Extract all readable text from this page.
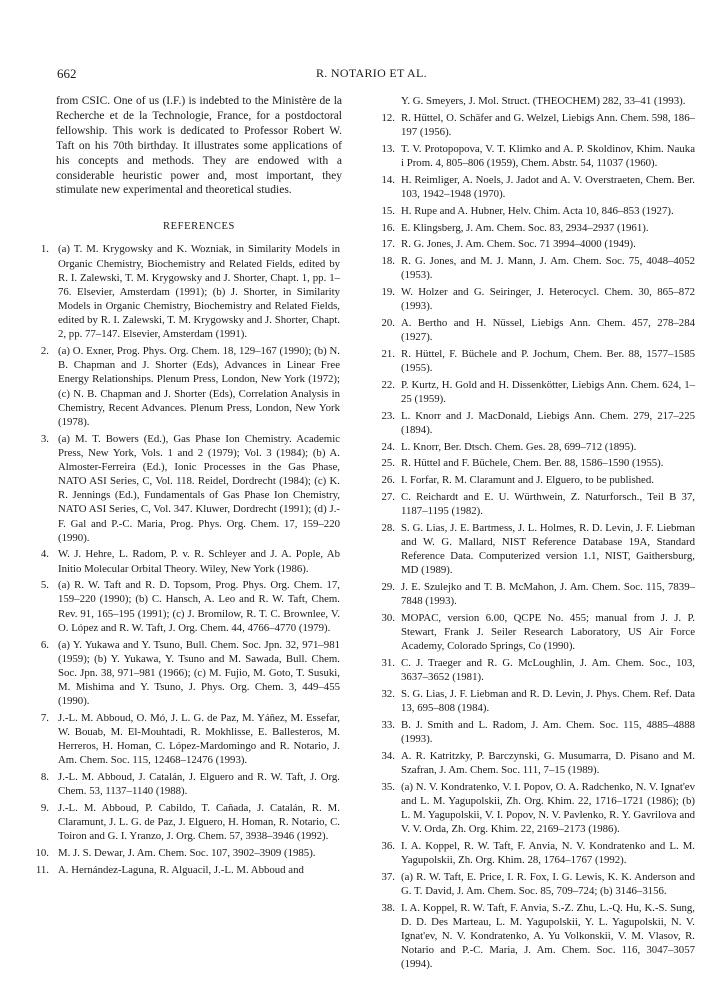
662	R. NOTARIO ET AL.

from CSIC. One of us (I.F.) is indebted to the Ministère de la Recherche et de la Technologie, France, for a postdoctoral fellowship. This work is dedicated to Professor Robert W. Taft on his 70th birthday. It illustrates some applications of his concepts and methods. They are endowed with a considerable heuristic power and, most important, they stimulate new experimental and theoretical studies.

REFERENCES
1. (a) T. M. Krygowsky and K. Wozniak, in Similarity Models in Organic Chemistry, Biochemistry and Related Fields, edited by R. I. Zalewski, T. M. Krygowsky and J. Shorter, Chapt. 1, pp. 1–76. Elsevier, Amsterdam (1991); (b) J. Shorter, in Similarity Models in Organic Chemistry, Biochemistry and Related Fields, edited by R. I. Zalewski, T. M. Krygowsky and J. Shorter, Chapt. 2, pp. 77–147. Elsevier, Amsterdam (1991).
2. (a) O. Exner, Prog. Phys. Org. Chem. 18, 129–167 (1990); (b) N. B. Chapman and J. Shorter (Eds), Advances in Linear Free Energy Relationships. Plenum Press, London, New York (1972); (c) N. B. Chapman and J. Shorter (Eds), Correlation Analysis in Chemistry, Recent Advances. Plenum Press, London, New York (1978).
3. (a) M. T. Bowers (Ed.), Gas Phase Ion Chemistry. Academic Press, New York, Vols. 1 and 2 (1979); Vol. 3 (1984); (b) A. Almoster-Ferreira (Ed.), Ionic Processes in the Gas Phase, NATO ASI Series, C, Vol. 118. Reidel, Dordrecht (1984); (c) K. R. Jennings (Ed.), Fundamentals of Gas Phase Ion Chemistry, NATO ASI Series, C, Vol. 347. Kluwer, Dordrecht (1991); (d) J.-F. Gal and P.-C. Maria, Prog. Phys. Org. Chem. 17, 159–220 (1990).
4. W. J. Hehre, L. Radom, P. v. R. Schleyer and J. A. Pople, Ab Initio Molecular Orbital Theory. Wiley, New York (1986).
5. (a) R. W. Taft and R. D. Topsom, Prog. Phys. Org. Chem. 17, 159–220 (1990); (b) C. Hansch, A. Leo and R. W. Taft, Chem. Rev. 91, 165–195 (1991); (c) J. Bromilow, R. T. C. Brownlee, V. O. López and R. W. Taft, J. Org. Chem. 44, 4766–4770 (1979).
6. (a) Y. Yukawa and Y. Tsuno, Bull. Chem. Soc. Jpn. 32, 971–981 (1959); (b) Y. Yukawa, Y. Tsuno and M. Sawada, Bull. Chem. Soc. Jpn. 38, 971–981 (1966); (c) M. Fujio, M. Goto, T. Susuki, M. Mishima and Y. Tsuno, J. Phys. Org. Chem. 3, 449–455 (1990).
7. J.-L. M. Abboud, O. Mó, J. L. G. de Paz, M. Yáñez, M. Essefar, W. Bouab, M. El-Mouhtadi, R. Mokhlisse, E. Ballesteros, M. Herreros, H. Homan, C. López-Mardomingo and R. Notario, J. Am. Chem. Soc. 115, 12468–12476 (1993).
8. J.-L. M. Abboud, J. Catalán, J. Elguero and R. W. Taft, J. Org. Chem. 53, 1137–1140 (1988).
9. J.-L. M. Abboud, P. Cabildo, T. Cañada, J. Catalán, R. M. Claramunt, J. L. G. de Paz, J. Elguero, H. Homan, R. Notario, C. Toiron and G. I. Yranzo, J. Org. Chem. 57, 3938–3946 (1992).
10. M. J. S. Dewar, J. Am. Chem. Soc. 107, 3902–3909 (1985).
11. A. Hernández-Laguna, R. Alguacil, J.-L. M. Abboud and

Y. G. Smeyers, J. Mol. Struct. (THEOCHEM) 282, 33–41 (1993).

12. R. Hüttel, O. Schäfer and G. Welzel, Liebigs Ann. Chem. 598, 186–197 (1956).
13. T. V. Protopopova, V. T. Klimko and A. P. Skoldinov, Khim. Nauka i Prom. 4, 805–806 (1959), Chem. Abstr. 54, 11037 (1960).
14. H. Reimliger, A. Noels, J. Jadot and A. V. Overstraeten, Chem. Ber. 103, 1942–1948 (1970).
15. H. Rupe and A. Hubner, Helv. Chim. Acta 10, 846–853 (1927).
16. E. Klingsberg, J. Am. Chem. Soc. 83, 2934–2937 (1961).
17. R. G. Jones, J. Am. Chem. Soc. 71 3994–4000 (1949).
18. R. G. Jones, and M. J. Mann, J. Am. Chem. Soc. 75, 4048–4052 (1953).
19. W. Holzer and G. Seiringer, J. Heterocycl. Chem. 30, 865–872 (1993).
20. A. Bertho and H. Nüssel, Liebigs Ann. Chem. 457, 278–284 (1927).
21. R. Hüttel, F. Büchele and P. Jochum, Chem. Ber. 88, 1577–1585 (1955).
22. P. Kurtz, H. Gold and H. Dissenkötter, Liebigs Ann. Chem. 624, 1–25 (1959).
23. L. Knorr and J. MacDonald, Liebigs Ann. Chem. 279, 217–225 (1894).
24. L. Knorr, Ber. Dtsch. Chem. Ges. 28, 699–712 (1895).
25. R. Hüttel and F. Büchele, Chem. Ber. 88, 1586–1590 (1955).
26. I. Forfar, R. M. Claramunt and J. Elguero, to be published.
27. C. Reichardt and E. U. Würthwein, Z. Naturforsch., Teil B 37, 1187–1195 (1982).
28. S. G. Lias, J. E. Bartmess, J. L. Holmes, R. D. Levin, J. F. Liebman and W. G. Mallard, NIST Reference Database 19A, Standard Reference Data. Computerized version 1.1, NIST, Gaithersburg, MD (1989).
29. J. E. Szulejko and T. B. McMahon, J. Am. Chem. Soc. 115, 7839–7848 (1993).
30. MOPAC, version 6.00, QCPE No. 455; manual from J. J. P. Stewart, Frank J. Seiler Research Laboratory, US Air Force Academy, Colorado Springs, Co (1990).
31. C. J. Traeger and R. G. McLoughlin, J. Am. Chem. Soc., 103, 3637–3652 (1981).
32. S. G. Lias, J. F. Liebman and R. D. Levin, J. Phys. Chem. Ref. Data 13, 695–808 (1984).
33. B. J. Smith and L. Radom, J. Am. Chem. Soc. 115, 4885–4888 (1993).
34. A. R. Katritzky, P. Barczynski, G. Musumarra, D. Pisano and M. Szafran, J. Am. Chem. Soc. 111, 7–15 (1989).
35. (a) N. V. Kondratenko, V. I. Popov, O. A. Radchenko, N. V. Ignat'ev and L. M. Yagupolskii, Zh. Org. Khim. 22, 1716–1721 (1986); (b) L. M. Yagupolskii, V. I. Popov, N. V. Pavlenko, R. Y. Gavrilova and V. V. Orda, Zh. Org. Khim. 22, 2169–2173 (1986).
36. I. A. Koppel, R. W. Taft, F. Anvia, N. V. Kondratenko and L. M. Yagupolskii, Zh. Org. Khim. 28, 1764–1767 (1992).
37. (a) R. W. Taft, E. Price, I. R. Fox, I. G. Lewis, K. K. Anderson and G. T. David, J. Am. Chem. Soc. 85, 709–724; (b) 3146–3156.
38. I. A. Koppel, R. W. Taft, F. Anvia, S.-Z. Zhu, L.-Q. Hu, K.-S. Sung, D. D. Des Marteau, L. M. Yagupolskii, Y. L. Yagupolskii, N. V. Ignat'ev, N. V. Kondratenko, A. Yu Volkonskii, V. M. Vlasov, R. Notario and P.-C. Maria, J. Am. Chem. Soc. 116, 3047–3057 (1994).
